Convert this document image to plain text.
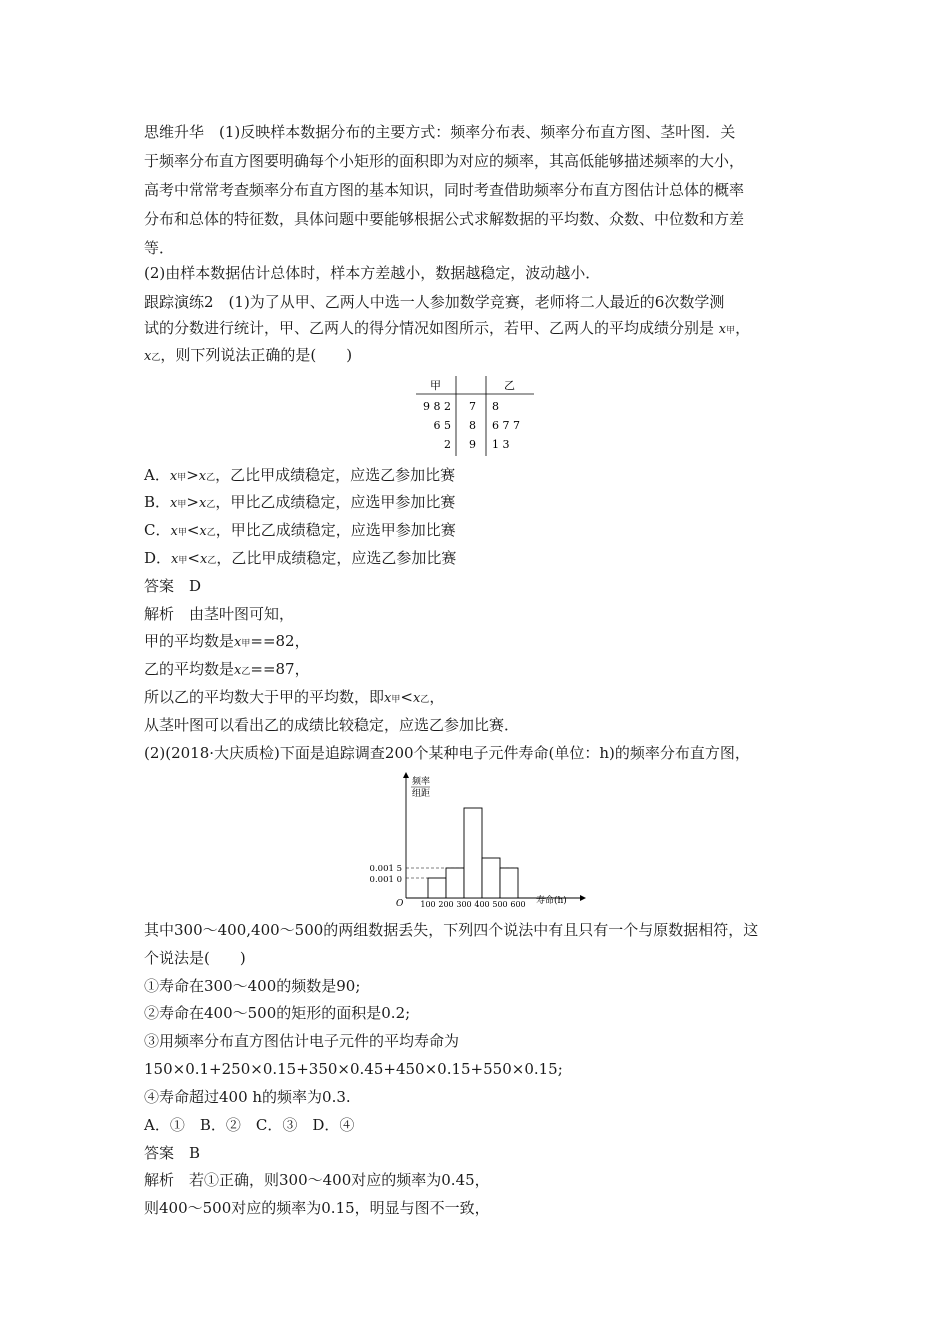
思维升华　(1)反映样本数据分布的主要方式：频率分布表、频率分布直方图、茎叶图．关
于频率分布直方图要明确每个小矩形的面积即为对应的频率，其高低能够描述频率的大小，
高考中常常考查频率分布直方图的基本知识，同时考查借助频率分布直方图估计总体的概率
分布和总体的特征数，具体问题中要能够根据公式求解数据的平均数、众数、中位数和方差
等．
(2)由样本数据估计总体时，样本方差越小，数据越稳定，波动越小．
跟踪演练2　(1)为了从甲、乙两人中选一人参加数学竞赛，老师将二人最近的6次数学测
试的分数进行统计，甲、乙两人的得分情况如图所示，若甲、乙两人的平均成绩分别是 x甲，
x乙，则下列说法正确的是(　　)
甲	乙
9 8 2 7 8
6 5 8 6 7 7
2 9 1 3
A．x甲>x乙，乙比甲成绩稳定，应选乙参加比赛
B．x甲>x乙，甲比乙成绩稳定，应选甲参加比赛
C．x甲<x乙，甲比乙成绩稳定，应选甲参加比赛
D．x甲<x乙，乙比甲成绩稳定，应选乙参加比赛
答案　D
解析　由茎叶图可知，
甲的平均数是x甲==82，
乙的平均数是x乙==87，
所以乙的平均数大于甲的平均数，即x甲<x乙，
从茎叶图可以看出乙的成绩比较稳定，应选乙参加比赛．
(2)(2018·大庆质检)下面是追踪调查200个某种电子元件寿命(单位：h)的频率分布直方图，
频率
组距
0.001 5
0.001 0
O 100 200 300 400 500 600 寿命(h)
其中300～400,400～500的两组数据丢失，下列四个说法中有且只有一个与原数据相符，这
个说法是(　　)
①寿命在300～400的频数是90;
②寿命在400～500的矩形的面积是0.2;
③用频率分布直方图估计电子元件的平均寿命为
150×0.1+250×0.15+350×0.45+450×0.15+550×0.15;
④寿命超过400 h的频率为0.3.
A．①　B．②　C．③　D．④
答案　B
解析　若①正确，则300～400对应的频率为0.45，
则400～500对应的频率为0.15，明显与图不一致，
